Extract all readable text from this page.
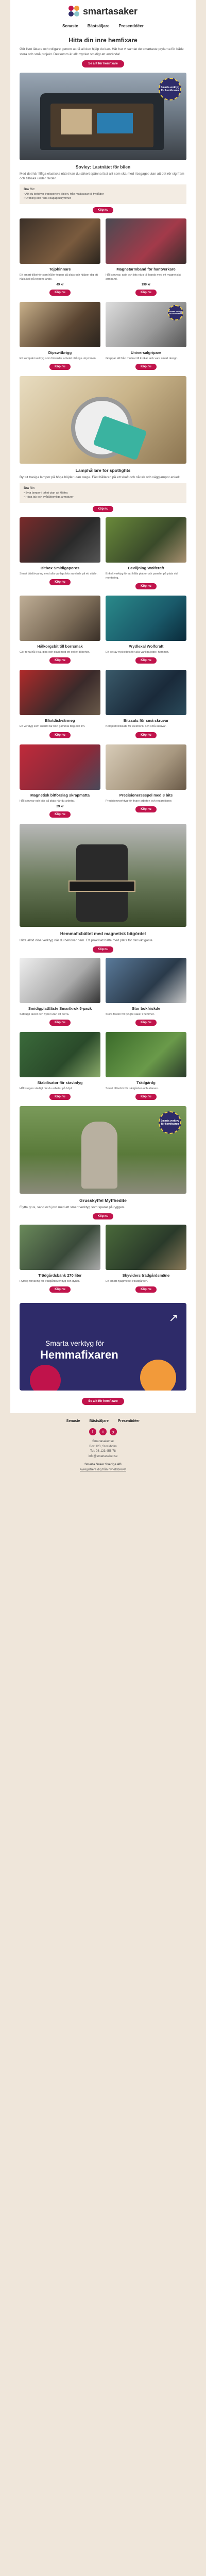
smartasaker
Senaste Bästsäljare Presentidéer
Hitta din inre hemfixare
Gör livet lättare och roligare genom att få all den hjälp du kan. Här har vi samlat de smartaste prylarna för både stora och små projekt. Dessutom är allt mycket smidigt att använda!
Se allt för hemfixare
Smarta verktyg för hemfixaren
Sovley: Lastnätet för bilen
Med det här fiffiga elastiska nätet kan du säkert spänna fast allt som ska med i bagaget utan att det rör sig fram och tillbaka under färden.
Bra för:
• Allt du behöver transportera i bilen, från matkassar till flyttlådor
• Ordning och reda i bagageutrymmet
Köp nu
Tejphinnare
Ett smart tillbehör som håller tejpen på plats och hjälper dig att hålla koll på tejpens ände.
49 kr
Köp nu
Magnetarmband för hantverkare
Håll skruvar, spik och bits nära till hands med ett magnetiskt armband.
199 kr
Köp nu
Dipswitbrigg
Ett kompakt verktyg som förenklar arbetet i trånga utrymmen.
Köp nu
Smarta verktyg för hemfixaren
Universalgripare
Greppar allt från muttrar till krokar tack vare smart design.
Köp nu
Lamphållare för spotlights
Byt ut trasiga lampor på höga höjder utan stege. Fäst hållaren på ett skaft och nå tak och vägglampor enkelt.
Bra för:
• Byta lampor i taket utan att klättra
• Höga tak och svåråtkomliga armaturer
Köp nu
Bitbox Smidigaporos
Smart bitsförvaring med alla vanliga bits samlade på ett ställe.
Köp nu
Beviljning Wolfcraft
Enkelt verktyg för att hålla plattor och paneler på plats vid montering.
Köp nu
Hålkorgsbit till borrsmak
Gör rena hål i trä, gips och plast med ett enkelt tillbehör.
Köp nu
Prydlexal Wolfcraft
Ett set av nyckelbits för alla vanliga jobb i hemmet.
Köp nu
Blixtdiskvärmeg
Ett verktyg som snabbt tar bort gammal färg och lim.
Köp nu
Bitssats för små skruvar
Komplett bitssats för elektronik och små skruvar.
Köp nu
Magnetisk bitförslag skrapmätta
Håll skruvar och bits på plats när du arbetar.
29 kr
Köp nu
Precisionerssspel med 8 bits
Precisionsverktyg för finare arbeten och reparationer.
Köp nu
Hemmafixbältet med magnetisk bitgördel
Hitta alltid dina verktyg när du behöver dem. Ett praktiskt bälte med plats för det viktigaste.
Köp nu
Smidigplattfäste Smartkrok 5-pack
Sätt upp tavlor och hyllor utan att borra.
Köp nu
Stor bokfriskde
Stora fästen för tyngre saker i hemmet.
Köp nu
Stabilisator för stavbdyg
Håll stegen stadigt när du arbetar på höjd.
Köp nu
Trädgårdg
Smart tillbehör för trädgården och altanen.
Köp nu
Smarta verktyg för hemfixaren
Grusskyffel Myffhedite
Flytta grus, sand och jord med ett smart verktyg som sparar på ryggen.
Köp nu
Trädgårdsbänk 270 liter
Rymlig förvaring för trädgårdsverktyg och dynor.
Köp nu
Skyviders trädgårdsmäne
Ett smart hjälpmedel i trädgården.
Köp nu
↗
Smarta verktyg för
Hemmafixaren
Se allt för hemfixare
Senaste	Bästsäljare	Presentidéer
f	i	y
Smartasaker.se
Box 123, Stockholm
Tel: 08-123 456 78
info@smartasaker.se
Smarta Saker Sverige AB
Avregistrera dig från nyhetsbrevet
